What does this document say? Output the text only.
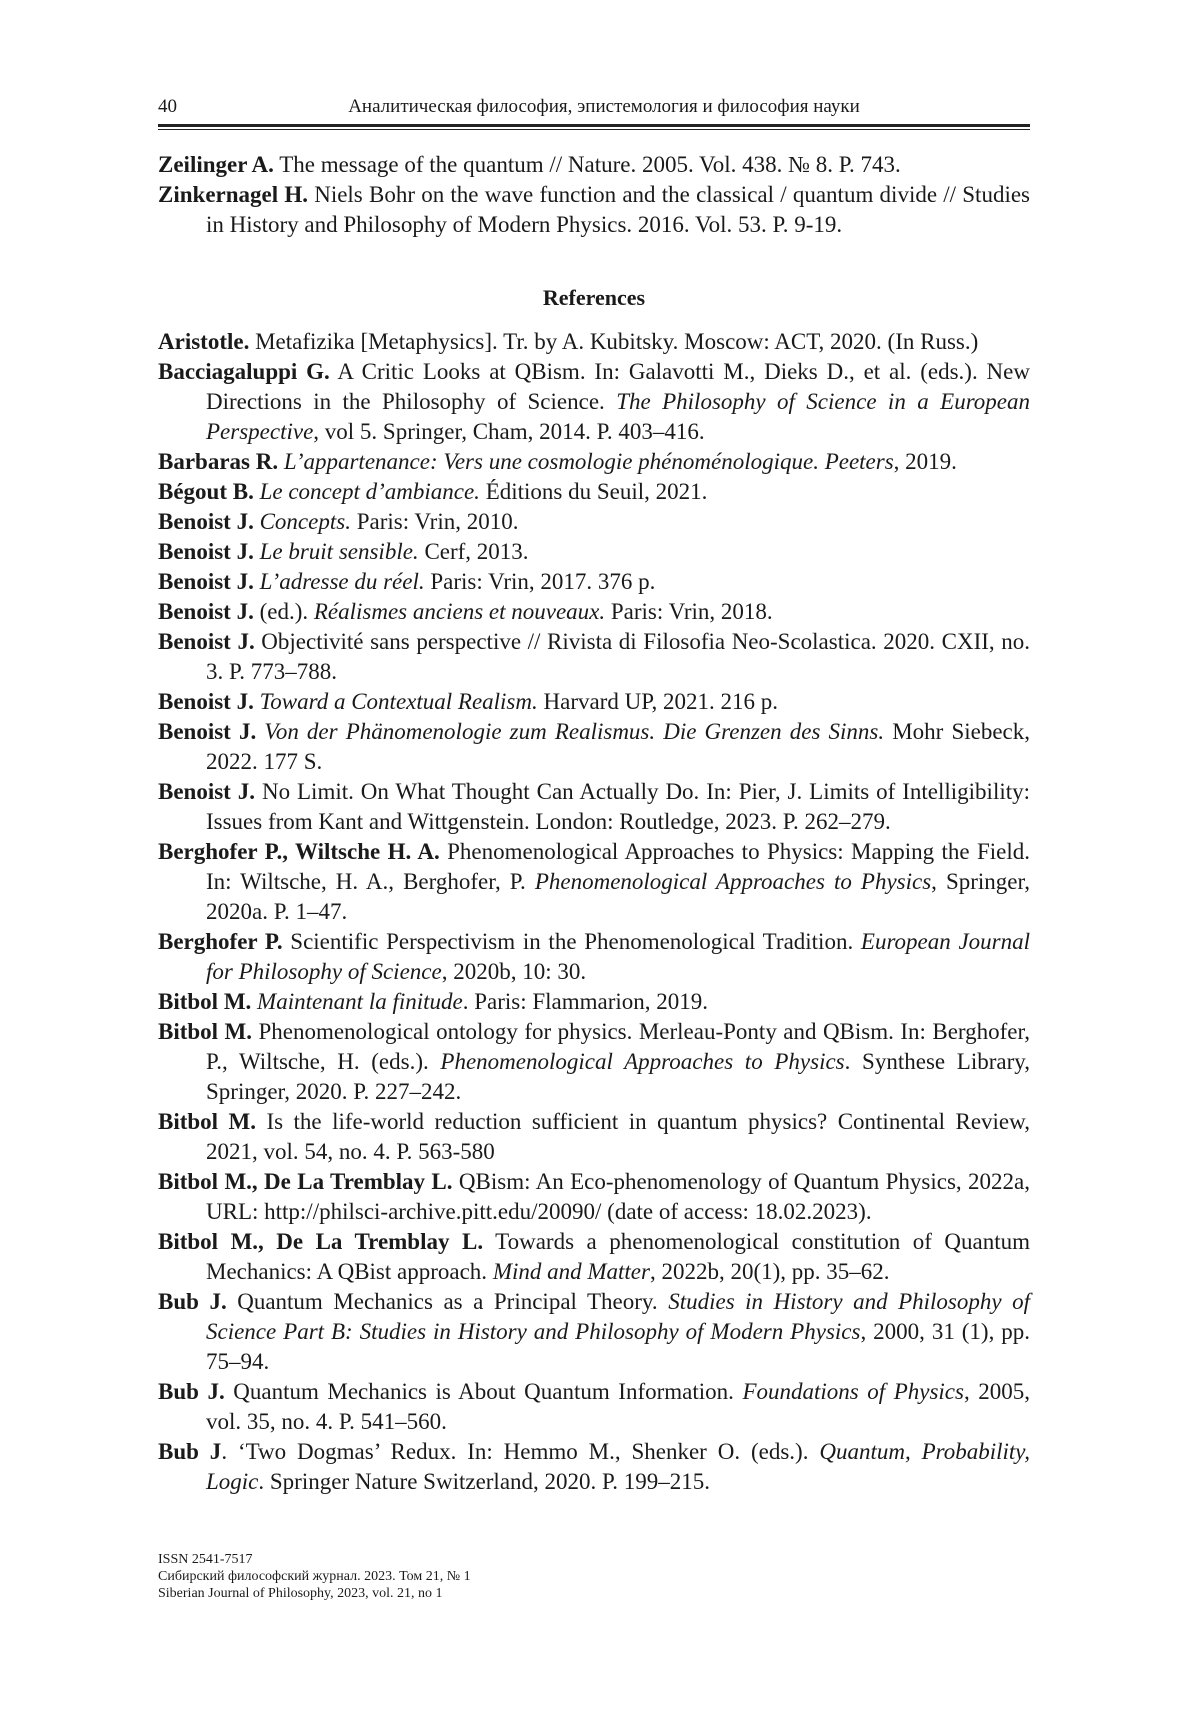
40	Аналитическая философия, эпистемология и философия науки

Zeilinger A. The message of the quantum // Nature. 2005. Vol. 438. № 8. P. 743.

Zinkernagel H. Niels Bohr on the wave function and the classical / quantum divide // Studies in History and Philosophy of Modern Physics. 2016. Vol. 53. P. 9-19.

References

Aristotle. Metafizika [Metaphysics]. Tr. by A. Kubitsky. Moscow: ACT, 2020. (In Russ.)

Bacciagaluppi G. A Critic Looks at QBism. In: Galavotti M., Dieks D., et al. (eds.). New Directions in the Philosophy of Science. The Philosophy of Science in a European Perspective, vol 5. Springer, Cham, 2014. P. 403–416.

Barbaras R. L’appartenance: Vers une cosmologie phénoménologique. Peeters, 2019.

Bégout B. Le concept d’ambiance. Éditions du Seuil, 2021.

Benoist J. Concepts. Paris: Vrin, 2010.

Benoist J. Le bruit sensible. Cerf, 2013.

Benoist J. L’adresse du réel. Paris: Vrin, 2017. 376 p.

Benoist J. (ed.). Réalismes anciens et nouveaux. Paris: Vrin, 2018.

Benoist J. Objectivité sans perspective // Rivista di Filosofia Neo-Scolastica. 2020. CXII, no. 3. P. 773–788.

Benoist J. Toward a Contextual Realism. Harvard UP, 2021. 216 p.

Benoist J. Von der Phänomenologie zum Realismus. Die Grenzen des Sinns. Mohr Siebeck, 2022. 177 S.

Benoist J. No Limit. On What Thought Can Actually Do. In: Pier, J. Limits of Intelligibility: Issues from Kant and Wittgenstein. London: Routledge, 2023. P. 262–279.

Berghofer P., Wiltsche H. A. Phenomenological Approaches to Physics: Mapping the Field. In: Wiltsche, H. A., Berghofer, P. Phenomenological Approaches to Physics, Springer, 2020a. P. 1–47.

Berghofer P. Scientific Perspectivism in the Phenomenological Tradition. European Journal for Philosophy of Science, 2020b, 10: 30.

Bitbol M. Maintenant la finitude. Paris: Flammarion, 2019.

Bitbol M. Phenomenological ontology for physics. Merleau-Ponty and QBism. In: Berghofer, P., Wiltsche, H. (eds.). Phenomenological Approaches to Physics. Synthese Library, Springer, 2020. P. 227–242.

Bitbol M. Is the life-world reduction sufficient in quantum physics? Continental Review, 2021, vol. 54, no. 4. P. 563-580

Bitbol M., De La Tremblay L. QBism: An Eco-phenomenology of Quantum Physics, 2022a, URL: http://philsci-archive.pitt.edu/20090/ (date of access: 18.02.2023).

Bitbol M., De La Tremblay L. Towards a phenomenological constitution of Quantum Mechanics: A QBist approach. Mind and Matter, 2022b, 20(1), pp. 35–62.

Bub J. Quantum Mechanics as a Principal Theory. Studies in History and Philosophy of Science Part B: Studies in History and Philosophy of Modern Physics, 2000, 31 (1), pp. 75–94.

Bub J. Quantum Mechanics is About Quantum Information. Foundations of Physics, 2005, vol. 35, no. 4. P. 541–560.

Bub J. ‘Two Dogmas’ Redux. In: Hemmo M., Shenker O. (eds.). Quantum, Probability, Logic. Springer Nature Switzerland, 2020. P. 199–215.

ISSN 2541-7517
Сибирский философский журнал. 2023. Том 21, № 1
Siberian Journal of Philosophy, 2023, vol. 21, no 1
